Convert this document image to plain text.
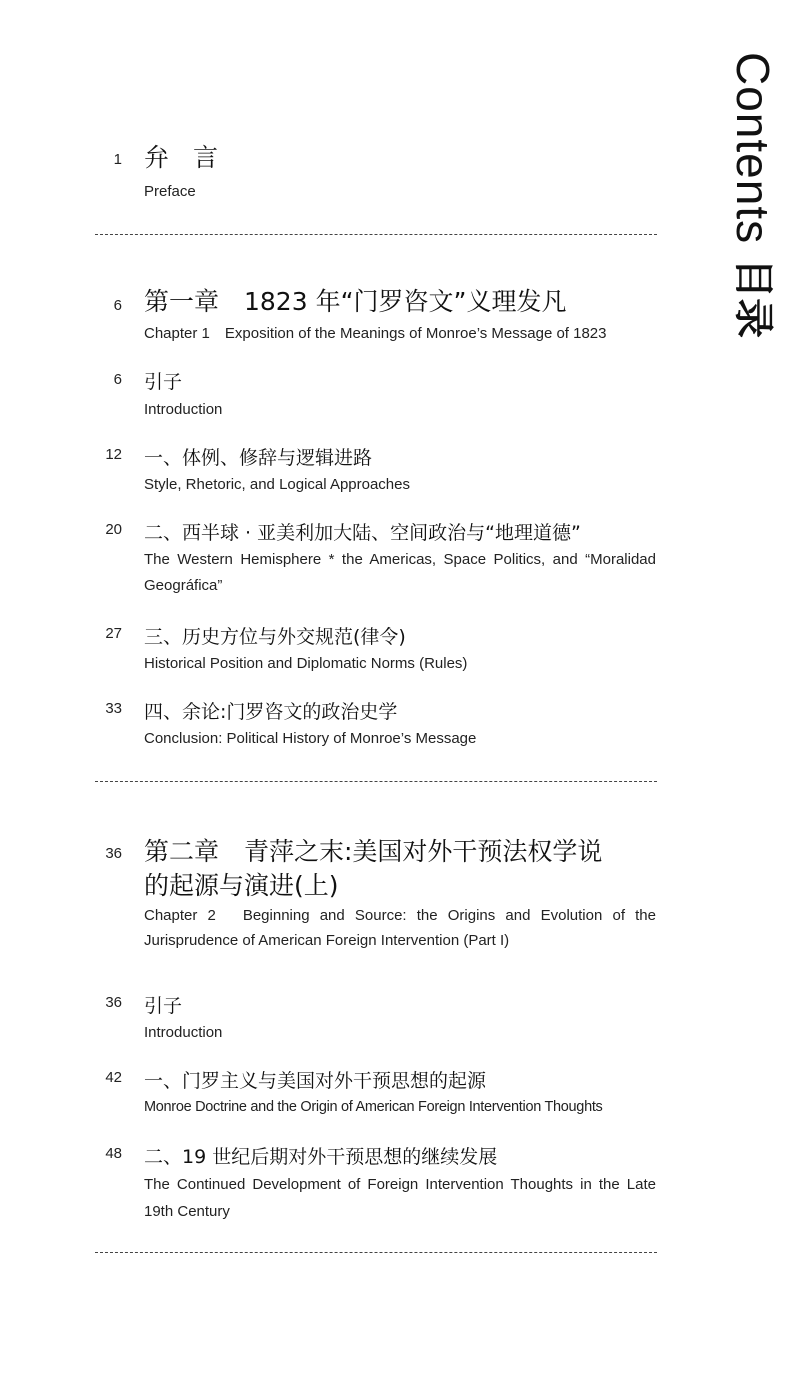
Contents
目录
1 弁 言
Preface
6 第一章　1823 年“门罗咨文”义理发凡
Chapter 1　Exposition of the Meanings of Monroe’s Message of 1823
6 引子
Introduction
12 一、体例、修辞与逻辑进路
Style, Rhetoric, and Logical Approaches
20 二、西半球 · 亚美利加大陆、空间政治与“地理道德”
The Western Hemisphere * the Americas, Space Politics, and “Moralidad Geográfica”
27 三、历史方位与外交规范(律令)
Historical Position and Diplomatic Norms (Rules)
33 四、余论:门罗咨文的政治史学
Conclusion: Political History of Monroe’s Message
36 第二章　青萍之末:美国对外干预法权学说
的起源与演进(上)
Chapter 2　Beginning and Source: the Origins and Evolution of the Jurisprudence of American Foreign Intervention (Part I)
36 引子
Introduction
42 一、门罗主义与美国对外干预思想的起源
Monroe Doctrine and the Origin of American Foreign Intervention Thoughts
48 二、19 世纪后期对外干预思想的继续发展
The Continued Development of Foreign Intervention Thoughts in the Late 19th Century
